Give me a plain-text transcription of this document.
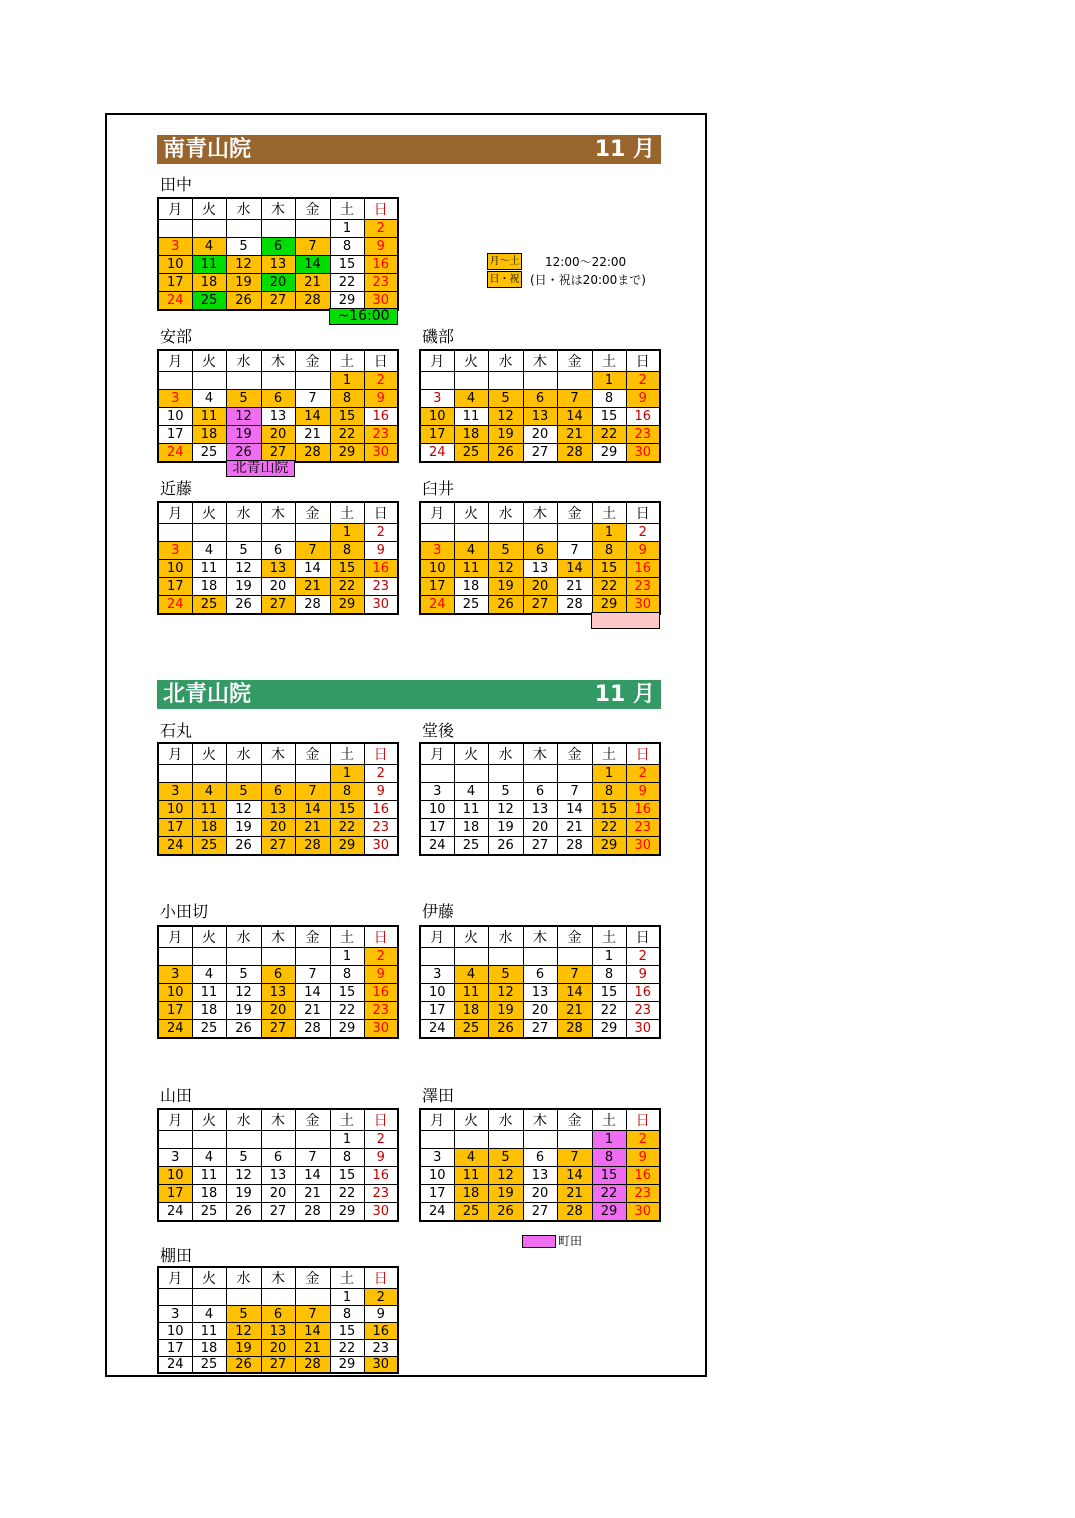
南青山院	11 月
北青山院	11 月
月～土
日・祝
12:00～22:00
(日・祝は20:00まで)
町田
田中
月	火	水	木	金	土	日
					1	2
3	4	5	6	7	8	9
10	11	12	13	14	15	16
17	18	19	20	21	22	23
24	25	26	27	28	29	30
~16:00
安部
月	火	水	木	金	土	日
					1	2
3	4	5	6	7	8	9
10	11	12	13	14	15	16
17	18	19	20	21	22	23
24	25	26	27	28	29	30
北青山院
磯部
月	火	水	木	金	土	日
					1	2
3	4	5	6	7	8	9
10	11	12	13	14	15	16
17	18	19	20	21	22	23
24	25	26	27	28	29	30
近藤
月	火	水	木	金	土	日
					1	2
3	4	5	6	7	8	9
10	11	12	13	14	15	16
17	18	19	20	21	22	23
24	25	26	27	28	29	30
臼井
月	火	水	木	金	土	日
					1	2
3	4	5	6	7	8	9
10	11	12	13	14	15	16
17	18	19	20	21	22	23
24	25	26	27	28	29	30
石丸
月	火	水	木	金	土	日
					1	2
3	4	5	6	7	8	9
10	11	12	13	14	15	16
17	18	19	20	21	22	23
24	25	26	27	28	29	30
堂後
月	火	水	木	金	土	日
					1	2
3	4	5	6	7	8	9
10	11	12	13	14	15	16
17	18	19	20	21	22	23
24	25	26	27	28	29	30
小田切
月	火	水	木	金	土	日
					1	2
3	4	5	6	7	8	9
10	11	12	13	14	15	16
17	18	19	20	21	22	23
24	25	26	27	28	29	30
伊藤
月	火	水	木	金	土	日
					1	2
3	4	5	6	7	8	9
10	11	12	13	14	15	16
17	18	19	20	21	22	23
24	25	26	27	28	29	30
山田
月	火	水	木	金	土	日
					1	2
3	4	5	6	7	8	9
10	11	12	13	14	15	16
17	18	19	20	21	22	23
24	25	26	27	28	29	30
澤田
月	火	水	木	金	土	日
					1	2
3	4	5	6	7	8	9
10	11	12	13	14	15	16
17	18	19	20	21	22	23
24	25	26	27	28	29	30
棚田
月	火	水	木	金	土	日
					1	2
3	4	5	6	7	8	9
10	11	12	13	14	15	16
17	18	19	20	21	22	23
24	25	26	27	28	29	30
